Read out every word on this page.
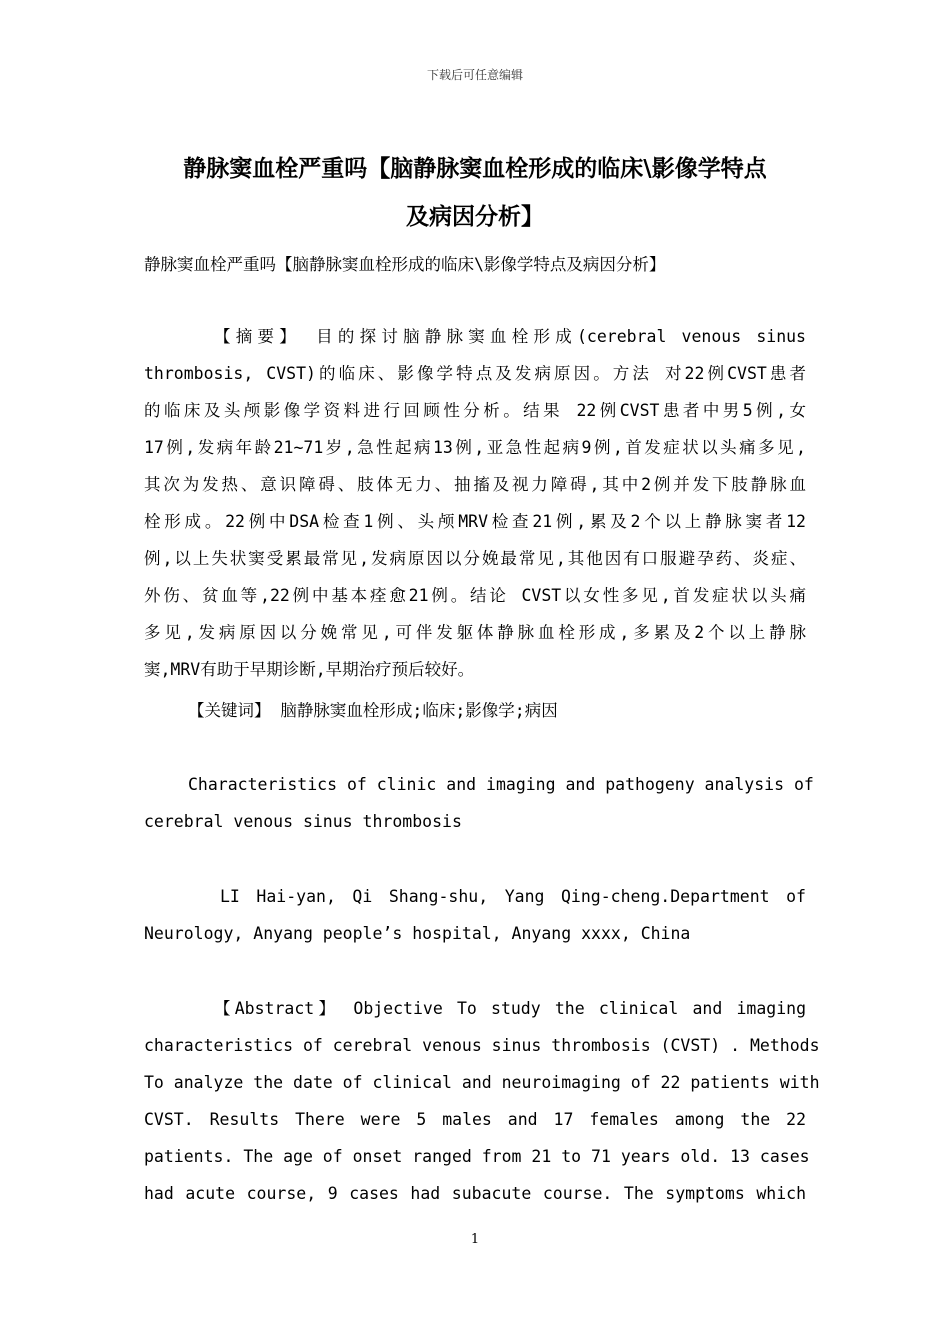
下载后可任意编辑
静脉窦血栓严重吗【脑静脉窦血栓形成的临床\影像学特点
及病因分析】
静脉窦血栓严重吗【脑静脉窦血栓形成的临床\影像学特点及病因分析】
【摘要】 目的探讨脑静脉窦血栓形成(cerebral venous sinus
thrombosis, CVST)的临床、影像学特点及发病原因。方法 对22例CVST患者
的临床及头颅影像学资料进行回顾性分析。结果 22例CVST患者中男5例,女
17例,发病年龄21~71岁,急性起病13例,亚急性起病9例,首发症状以头痛多见,
其次为发热、意识障碍、肢体无力、抽搐及视力障碍,其中2例并发下肢静脉血
栓形成。22例中DSA检查1例、头颅MRV检查21例,累及2个以上静脉窦者12
例,以上失状窦受累最常见,发病原因以分娩最常见,其他因有口服避孕药、炎症、
外伤、贫血等,22例中基本痊愈21例。结论 CVST以女性多见,首发症状以头痛
多见,发病原因以分娩常见,可伴发躯体静脉血栓形成,多累及2个以上静脉
窦,MRV有助于早期诊断,早期治疗预后较好。
【关键词】 脑静脉窦血栓形成;临床;影像学;病因
Characteristics of clinic and imaging and pathogeny analysis of
cerebral venous sinus thrombosis
LI Hai-yan, Qi Shang-shu, Yang Qing-cheng.Department of
Neurology, Anyang people’s hospital, Anyang xxxx, China
【Abstract】 Objective To study the clinical and imaging
characteristics of cerebral venous sinus thrombosis (CVST) . Methods
To analyze the date of clinical and neuroimaging of 22 patients with
CVST. Results There were 5 males and 17 females among the 22
patients. The age of onset ranged from 21 to 71 years old. 13 cases
had acute course, 9 cases had subacute course. The symptoms which
1
